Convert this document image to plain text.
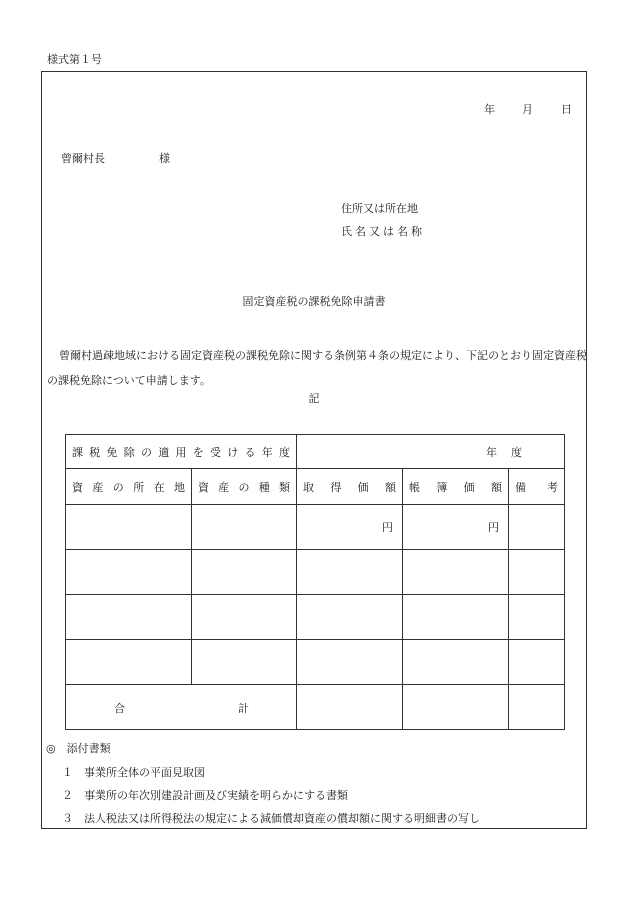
様式第１号
年 月	日
曾爾村長	様
住所又は所在地
氏名又は名称
固定資産税の課税免除申請書
曾爾村過疎地域における固定資産税の課税免除に関する条例第４条の規定により、下記のとおり固定資産税の課税免除について申請します。
記
課税免除の適用を受ける年度		年 度		

資産の所在地	資産の種類	取得価額	帳簿価額	備考
		円	円	

合 計				

◎　添付書類
１ 事業所全体の平面見取図
２ 事業所の年次別建設計画及び実績を明らかにする書類
３ 法人税法又は所得税法の規定による減価償却資産の償却額に関する明細書の写し
